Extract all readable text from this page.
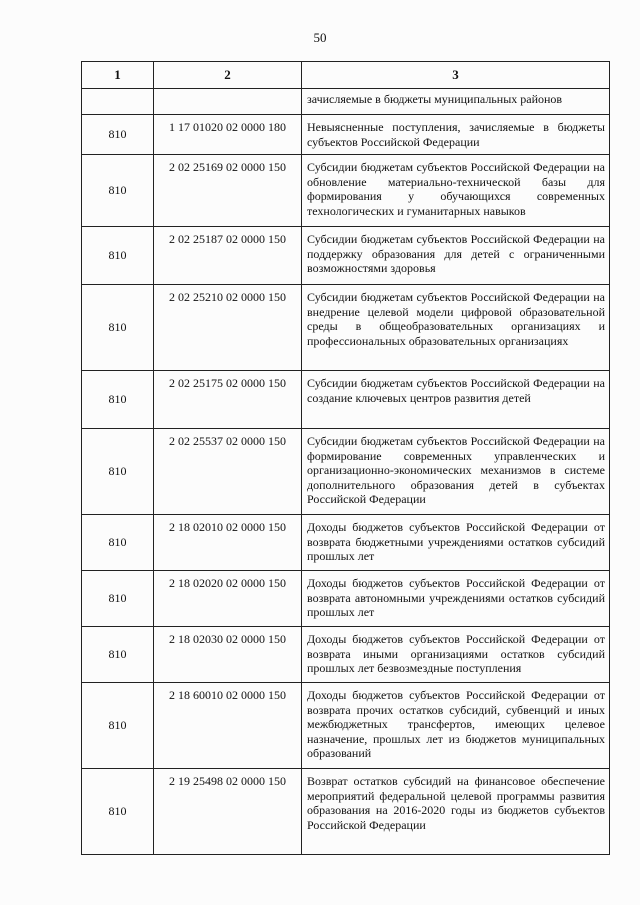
50
1	2	3
		зачисляемые в бюджеты муниципальных районов
810	1 17 01020 02 0000 180	Невыясненные поступления, зачисляемые в бюджеты субъектов Российской Федерации
810	2 02 25169 02 0000 150	Субсидии бюджетам субъектов Российской Федерации на обновление материально-технической базы для формирования у обучающихся современных технологических и гуманитарных навыков
810	2 02 25187 02 0000 150	Субсидии бюджетам субъектов Российской Федерации на поддержку образования для детей с ограниченными возможностями здоровья
810	2 02 25210 02 0000 150	Субсидии бюджетам субъектов Российской Федерации на внедрение целевой модели цифровой образовательной среды в общеобразовательных организациях и профессиональных образовательных организациях
810	2 02 25175 02 0000 150	Субсидии бюджетам субъектов Российской Федерации на создание ключевых центров развития детей
810	2 02 25537 02 0000 150	Субсидии бюджетам субъектов Российской Федерации на формирование современных управленческих и организационно-экономических механизмов в системе дополнительного образования детей в субъектах Российской Федерации
810	2 18 02010 02 0000 150	Доходы бюджетов субъектов Российской Федерации от возврата бюджетными учреждениями остатков субсидий прошлых лет
810	2 18 02020 02 0000 150	Доходы бюджетов субъектов Российской Федерации от возврата автономными учреждениями остатков субсидий прошлых лет
810	2 18 02030 02 0000 150	Доходы бюджетов субъектов Российской Федерации от возврата иными организациями остатков субсидий прошлых лет безвозмездные поступления
810	2 18 60010 02 0000 150	Доходы бюджетов субъектов Российской Федерации от возврата прочих остатков субсидий, субвенций и иных межбюджетных трансфертов, имеющих целевое назначение, прошлых лет из бюджетов муниципальных образований
810	2 19 25498 02 0000 150	Возврат остатков субсидий на финансовое обеспечение мероприятий федеральной целевой программы развития образования на 2016-2020 годы из бюджетов субъектов Российской Федерации
